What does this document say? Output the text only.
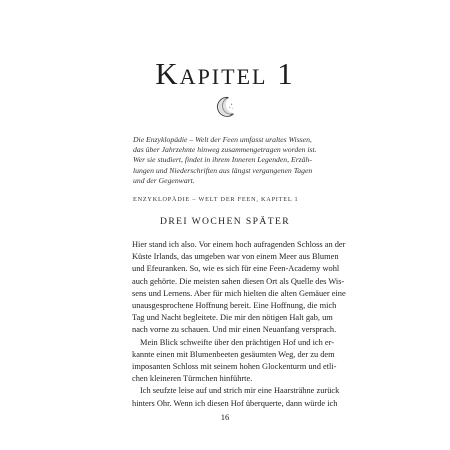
Kapitel 1
Die Enzyklopädie – Welt der Feen umfasst uraltes Wissen,
das über Jahrzehnte hinweg zusammengetragen worden ist.
Wer sie studiert, findet in ihrem Inneren Legenden, Erzäh-
lungen und Niederschriften aus längst vergangenen Tagen
und der Gegenwart.
ENZYKLOPÄDIE – WELT DER FEEN, KAPITEL 1
DREI WOCHEN SPÄTER
Hier stand ich also. Vor einem hoch aufragenden Schloss an der
Küste Irlands, das umgeben war von einem Meer aus Blumen
und Efeuranken. So, wie es sich für eine Feen-Academy wohl
auch gehörte. Die meisten sahen diesen Ort als Quelle des Wis-
sens und Lernens. Aber für mich hielten die alten Gemäuer eine
unausgesprochene Hoffnung bereit. Eine Hoffnung, die mich
Tag und Nacht begleitete. Die mir den nötigen Halt gab, um
nach vorne zu schauen. Und mir einen Neuanfang versprach.
Mein Blick schweifte über den prächtigen Hof und ich er-
kannte einen mit Blumenbeeten gesäumten Weg, der zu dem
imposanten Schloss mit seinem hohen Glockenturm und etli-
chen kleineren Türmchen hinführte.
Ich seufzte leise auf und strich mir eine Haarsträhne zurück
hinters Ohr. Wenn ich diesen Hof überquerte, dann würde ich
16
